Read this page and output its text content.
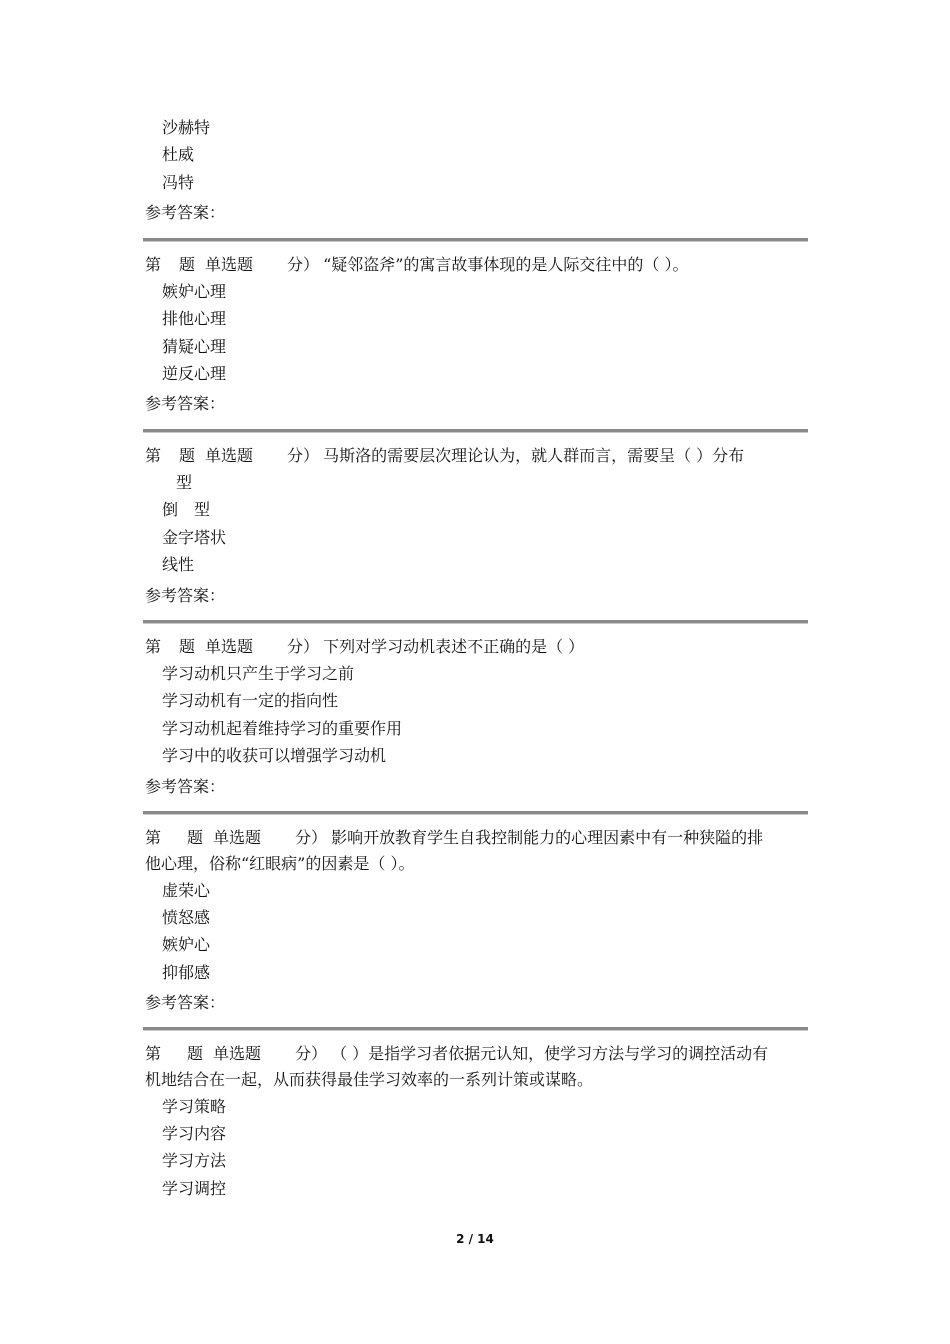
沙赫特
杜威
冯特
参考答案：
第 题 单选题 分） “疑邻盗斧”的寓言故事体现的是人际交往中的（ ）。
嫉妒心理
排他心理
猜疑心理
逆反心理
参考答案：
第 题 单选题 分） 马斯洛的需要层次理论认为，就人群而言，需要呈（ ）分布
型
倒　型
金字塔状
线性
参考答案：
第 题 单选题 分） 下列对学习动机表述不正确的是（ ）
学习动机只产生于学习之前
学习动机有一定的指向性
学习动机起着维持学习的重要作用
学习中的收获可以增强学习动机
参考答案：
第 题 单选题 分） 影响开放教育学生自我控制能力的心理因素中有一种狭隘的排
他心理，俗称“红眼病”的因素是（ ）。
虚荣心
愤怒感
嫉妒心
抑郁感
参考答案：
第 题 单选题 分） （ ）是指学习者依据元认知，使学习方法与学习的调控活动有
机地结合在一起，从而获得最佳学习效率的一系列计策或谋略。
学习策略
学习内容
学习方法
学习调控
2 / 14
